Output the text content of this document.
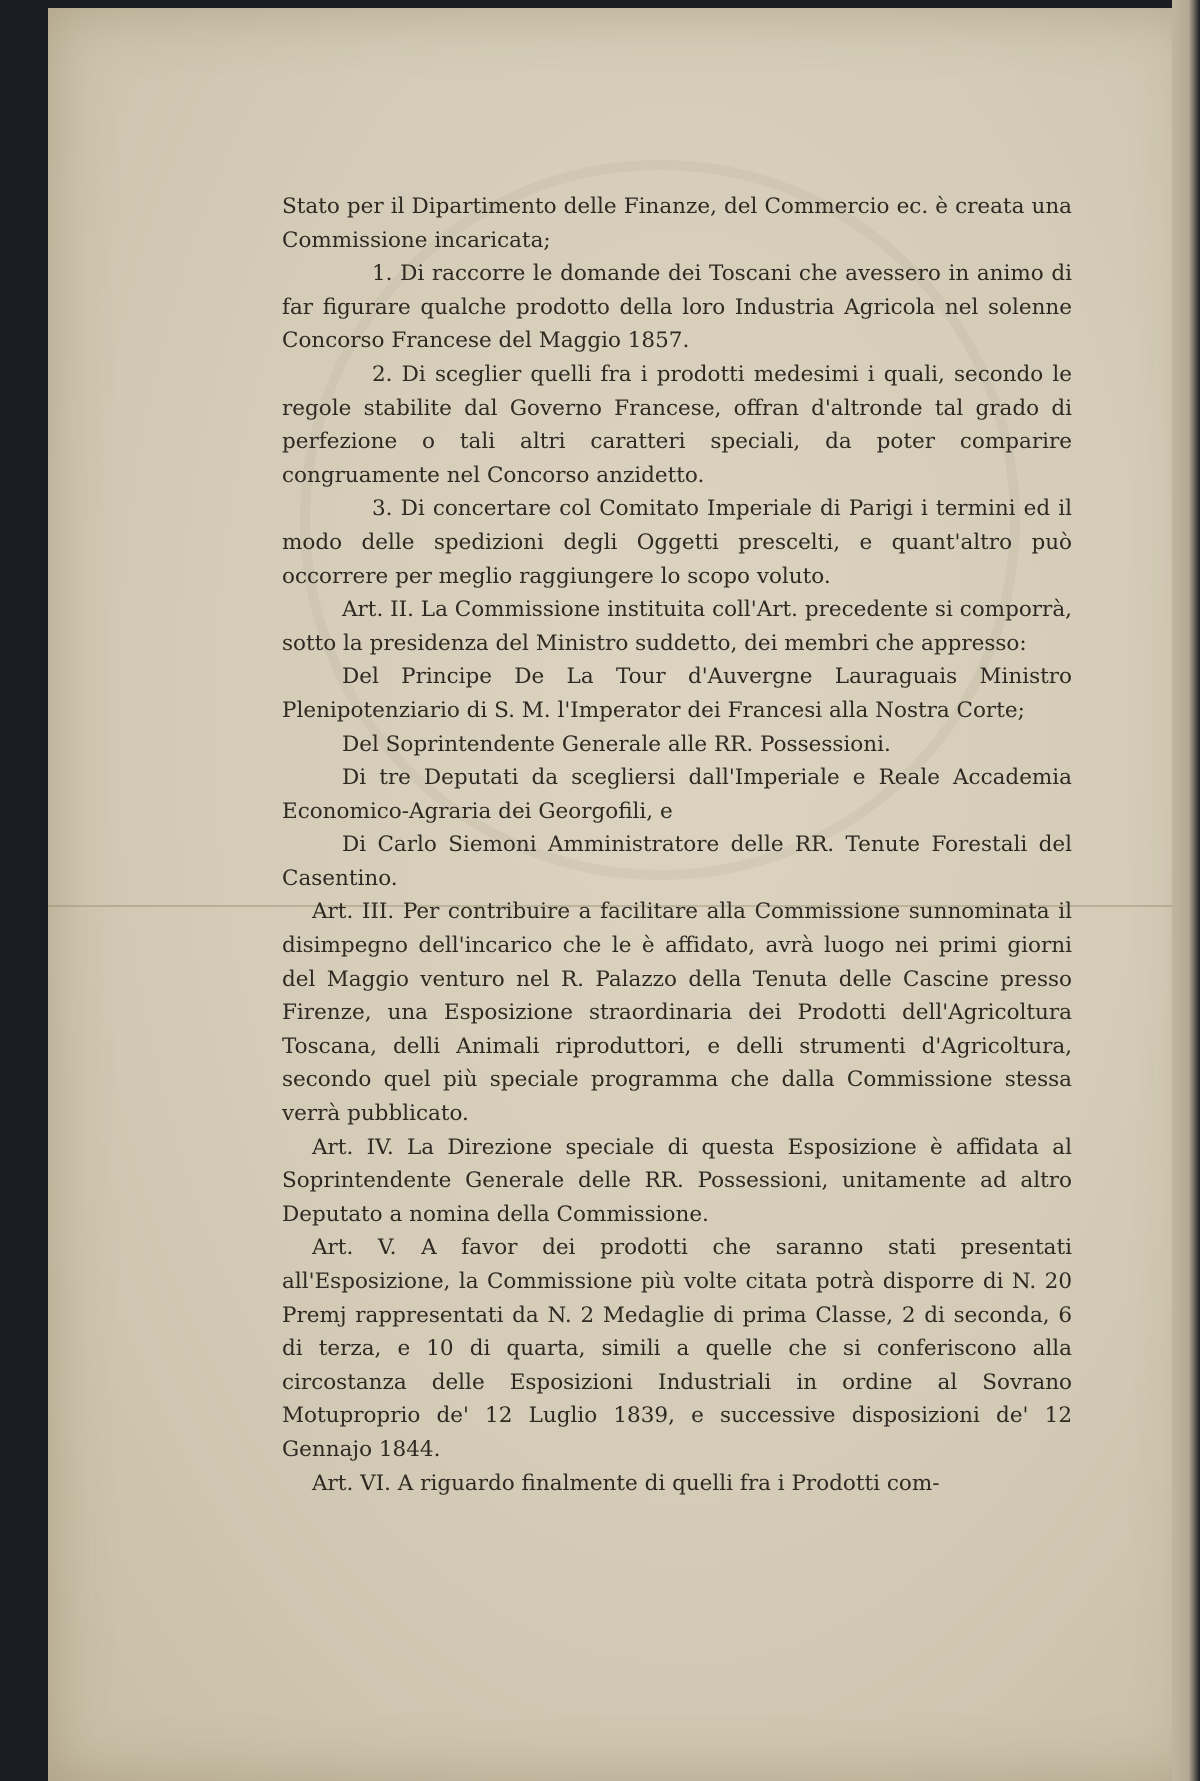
Stato per il Dipartimento delle Finanze, del Commercio ec. è creata una Commissione incaricata;

1. Di raccorre le domande dei Toscani che avessero in animo di far figurare qualche prodotto della loro Industria Agricola nel solenne Concorso Francese del Maggio 1857.

2. Di sceglier quelli fra i prodotti medesimi i quali, secondo le regole stabilite dal Governo Francese, offran d'altronde tal grado di perfezione o tali altri caratteri speciali, da poter comparire congruamente nel Concorso anzidetto.

3. Di concertare col Comitato Imperiale di Parigi i termini ed il modo delle spedizioni degli Oggetti prescelti, e quant'altro può occorrere per meglio raggiungere lo scopo voluto.

Art. II. La Commissione instituita coll'Art. precedente si comporrà, sotto la presidenza del Ministro suddetto, dei membri che appresso:

Del Principe De La Tour d'Auvergne Lauraguais Ministro Plenipotenziario di S. M. l'Imperator dei Francesi alla Nostra Corte;

Del Soprintendente Generale alle RR. Possessioni.

Di tre Deputati da scegliersi dall'Imperiale e Reale Accademia Economico-Agraria dei Georgofili, e

Di Carlo Siemoni Amministratore delle RR. Tenute Forestali del Casentino.

Art. III. Per contribuire a facilitare alla Commissione sunnominata il disimpegno dell'incarico che le è affidato, avrà luogo nei primi giorni del Maggio venturo nel R. Palazzo della Tenuta delle Cascine presso Firenze, una Esposizione straordinaria dei Prodotti dell'Agricoltura Toscana, delli Animali riproduttori, e delli strumenti d'Agricoltura, secondo quel più speciale programma che dalla Commissione stessa verrà pubblicato.

Art. IV. La Direzione speciale di questa Esposizione è affidata al Soprintendente Generale delle RR. Possessioni, unitamente ad altro Deputato a nomina della Commissione.

Art. V. A favor dei prodotti che saranno stati presentati all'Esposizione, la Commissione più volte citata potrà disporre di N. 20 Premj rappresentati da N. 2 Medaglie di prima Classe, 2 di seconda, 6 di terza, e 10 di quarta, simili a quelle che si conferiscono alla circostanza delle Esposizioni Industriali in ordine al Sovrano Motuproprio de' 12 Luglio 1839, e successive disposizioni de' 12 Gennajo 1844.

Art. VI. A riguardo finalmente di quelli fra i Prodotti com-
